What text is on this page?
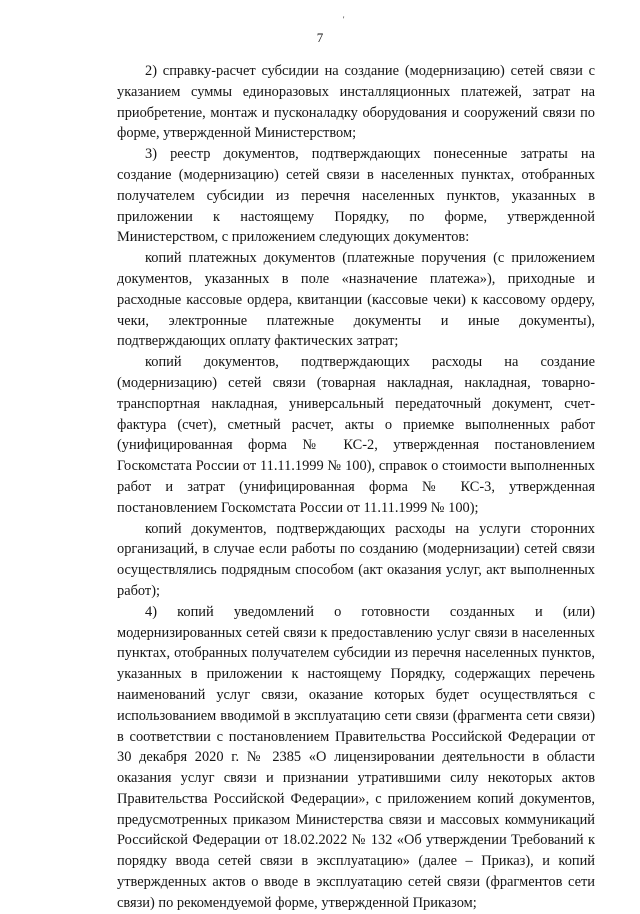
'
7

2) справку-расчет субсидии на создание (модернизацию) сетей связи с указанием суммы единоразовых инсталляционных платежей, затрат на приобретение, монтаж и пусконаладку оборудования и сооружений связи по форме, утвержденной Министерством;

3) реестр документов, подтверждающих понесенные затраты на создание (модернизацию) сетей связи в населенных пунктах, отобранных получателем субсидии из перечня населенных пунктов, указанных в приложении к настоящему Порядку, по форме, утвержденной Министерством, с приложением следующих документов:

копий платежных документов (платежные поручения (с приложением документов, указанных в поле «назначение платежа»), приходные и расходные кассовые ордера, квитанции (кассовые чеки) к кассовому ордеру, чеки, электронные платежные документы и иные документы), подтверждающих оплату фактических затрат;

копий документов, подтверждающих расходы на создание (модернизацию) сетей связи (товарная накладная, накладная, товарно-транспортная накладная, универсальный передаточный документ, счет-фактура (счет), сметный расчет, акты о приемке выполненных работ (унифицированная форма № КС-2, утвержденная постановлением Госкомстата России от 11.11.1999 № 100), справок о стоимости выполненных работ и затрат (унифицированная форма № КС-3, утвержденная постановлением Госкомстата России от 11.11.1999 № 100);

копий документов, подтверждающих расходы на услуги сторонних организаций, в случае если работы по созданию (модернизации) сетей связи осуществлялись подрядным способом (акт оказания услуг, акт выполненных работ);

4) копий уведомлений о готовности созданных и (или) модернизированных сетей связи к предоставлению услуг связи в населенных пунктах, отобранных получателем субсидии из перечня населенных пунктов, указанных в приложении к настоящему Порядку, содержащих перечень наименований услуг связи, оказание которых будет осуществляться с использованием вводимой в эксплуатацию сети связи (фрагмента сети связи) в соответствии с постановлением Правительства Российской Федерации от 30 декабря 2020 г. № 2385 «О лицензировании деятельности в области оказания услуг связи и признании утратившими силу некоторых актов Правительства Российской Федерации», с приложением копий документов, предусмотренных приказом Министерства связи и массовых коммуникаций Российской Федерации от 18.02.2022 № 132 «Об утверждении Требований к порядку ввода сетей связи в эксплуатацию» (далее – Приказ), и копий утвержденных актов о вводе в эксплуатацию сетей связи (фрагментов сети связи) по рекомендуемой форме, утвержденной Приказом;
